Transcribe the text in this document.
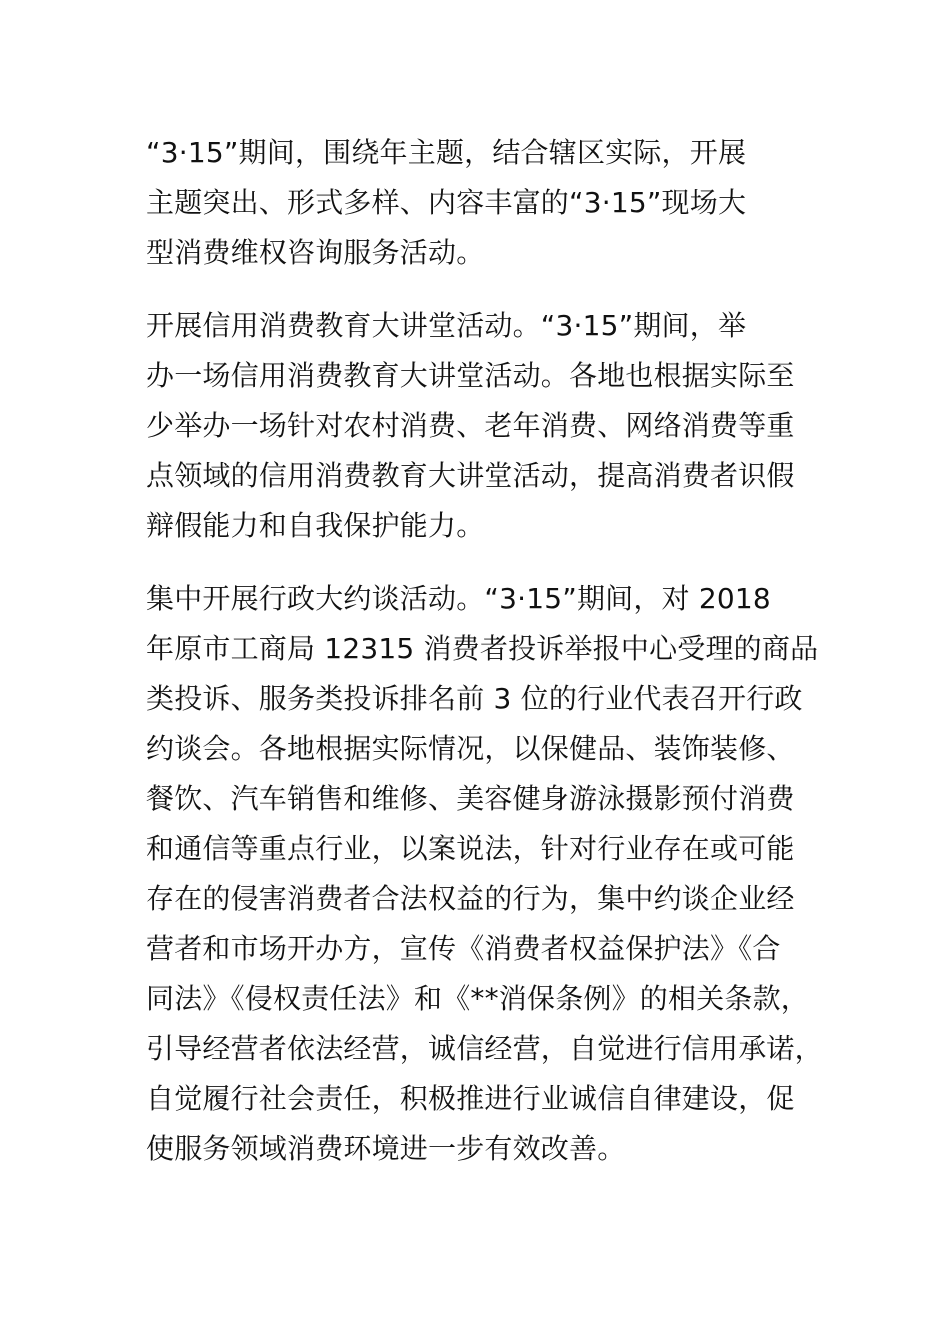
“3·15”期间，围绕年主题，结合辖区实际，开展
主题突出、形式多样、内容丰富的“3·15”现场大
型消费维权咨询服务活动。

开展信用消费教育大讲堂活动。“3·15”期间，举
办一场信用消费教育大讲堂活动。各地也根据实际至
少举办一场针对农村消费、老年消费、网络消费等重
点领域的信用消费教育大讲堂活动，提高消费者识假
辩假能力和自我保护能力。

集中开展行政大约谈活动。“3·15”期间，对 2018
年原市工商局 12315 消费者投诉举报中心受理的商品
类投诉、服务类投诉排名前 3 位的行业代表召开行政
约谈会。各地根据实际情况，以保健品、装饰装修、
餐饮、汽车销售和维修、美容健身游泳摄影预付消费
和通信等重点行业，以案说法，针对行业存在或可能
存在的侵害消费者合法权益的行为，集中约谈企业经
营者和市场开办方，宣传《消费者权益保护法》《合
同法》《侵权责任法》和《**消保条例》的相关条款，
引导经营者依法经营，诚信经营，自觉进行信用承诺，
自觉履行社会责任，积极推进行业诚信自律建设，促
使服务领域消费环境进一步有效改善。
